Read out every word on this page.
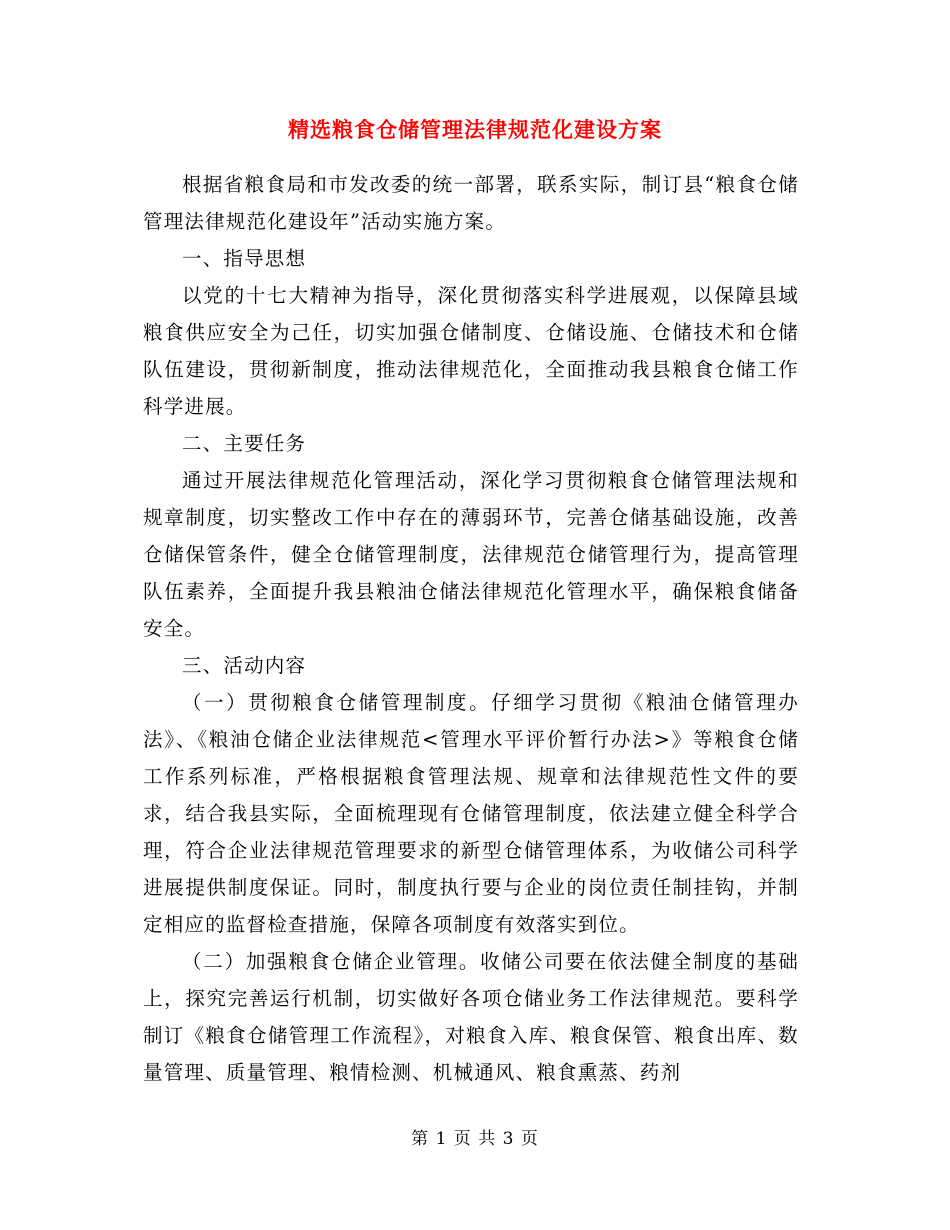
精选粮食仓储管理法律规范化建设方案

根据省粮食局和市发改委的统一部署，联系实际，制订县“粮食仓储管理法律规范化建设年”活动实施方案。

一、指导思想

以党的十七大精神为指导，深化贯彻落实科学进展观，以保障县域粮食供应安全为己任，切实加强仓储制度、仓储设施、仓储技术和仓储队伍建设，贯彻新制度，推动法律规范化，全面推动我县粮食仓储工作科学进展。

二、主要任务

通过开展法律规范化管理活动，深化学习贯彻粮食仓储管理法规和规章制度，切实整改工作中存在的薄弱环节，完善仓储基础设施，改善仓储保管条件，健全仓储管理制度，法律规范仓储管理行为，提高管理队伍素养，全面提升我县粮油仓储法律规范化管理水平，确保粮食储备安全。

三、活动内容

（一）贯彻粮食仓储管理制度。仔细学习贯彻《粮油仓储管理办法》、《粮油仓储企业法律规范<管理水平评价暂行办法>》等粮食仓储工作系列标准，严格根据粮食管理法规、规章和法律规范性文件的要求，结合我县实际，全面梳理现有仓储管理制度，依法建立健全科学合理，符合企业法律规范管理要求的新型仓储管理体系，为收储公司科学进展提供制度保证。同时，制度执行要与企业的岗位责任制挂钩，并制定相应的监督检查措施，保障各项制度有效落实到位。

（二）加强粮食仓储企业管理。收储公司要在依法健全制度的基础上，探究完善运行机制，切实做好各项仓储业务工作法律规范。要科学制订《粮食仓储管理工作流程》，对粮食入库、粮食保管、粮食出库、数量管理、质量管理、粮情检测、机械通风、粮食熏蒸、药剂

第 1 页 共 3 页
